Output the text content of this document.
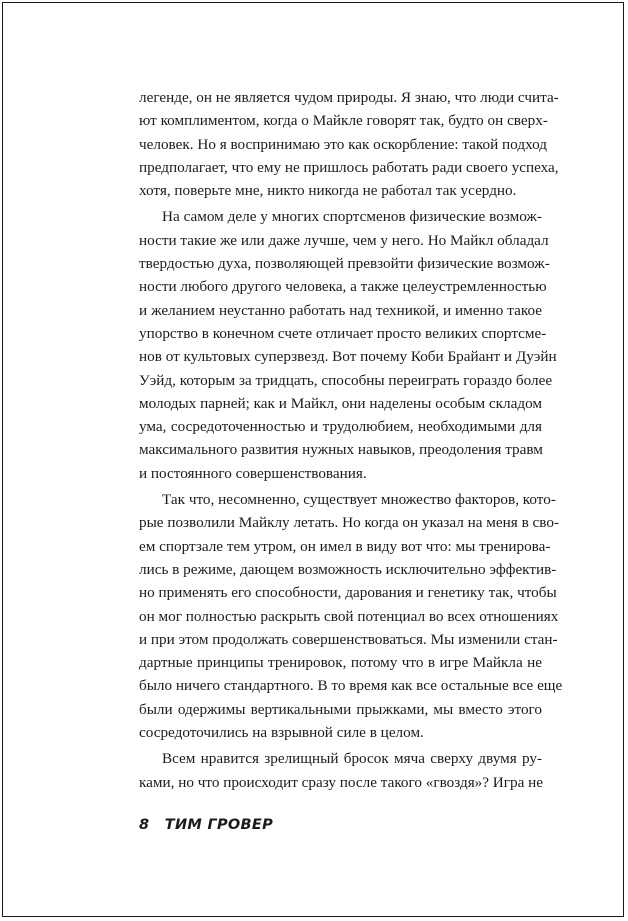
легенде, он не является чудом природы. Я знаю, что люди счита-
ют комплиментом, когда о Майкле говорят так, будто он сверх-
человек. Но я воспринимаю это как оскорбление: такой подход
предполагает, что ему не пришлось работать ради своего успеха,
хотя, поверьте мне, никто никогда не работал так усердно.
На самом деле у многих спортсменов физические возмож-
ности такие же или даже лучше, чем у него. Но Майкл обладал
твердостью духа, позволяющей превзойти физические возмож-
ности любого другого человека, а также целеустремленностью
и желанием неустанно работать над техникой, и именно такое
упорство в конечном счете отличает просто великих спортсме-
нов от культовых суперзвезд. Вот почему Коби Брайант и Дуэйн
Уэйд, которым за тридцать, способны переиграть гораздо более
молодых парней; как и Майкл, они наделены особым складом
ума, сосредоточенностью и трудолюбием, необходимыми для
максимального развития нужных навыков, преодоления травм
и постоянного совершенствования.
Так что, несомненно, существует множество факторов, кото-
рые позволили Майклу летать. Но когда он указал на меня в сво-
ем спортзале тем утром, он имел в виду вот что: мы тренирова-
лись в режиме, дающем возможность исключительно эффектив-
но применять его способности, дарования и генетику так, чтобы
он мог полностью раскрыть свой потенциал во всех отношениях
и при этом продолжать совершенствоваться. Мы изменили стан-
дартные принципы тренировок, потому что в игре Майкла не
было ничего стандартного. В то время как все остальные все еще
были одержимы вертикальными прыжками, мы вместо этого
сосредоточились на взрывной силе в целом.
Всем нравится зрелищный бросок мяча сверху двумя ру-
ками, но что происходит сразу после такого «гвоздя»? Игра не
8 ТИМ ГРОВЕР
